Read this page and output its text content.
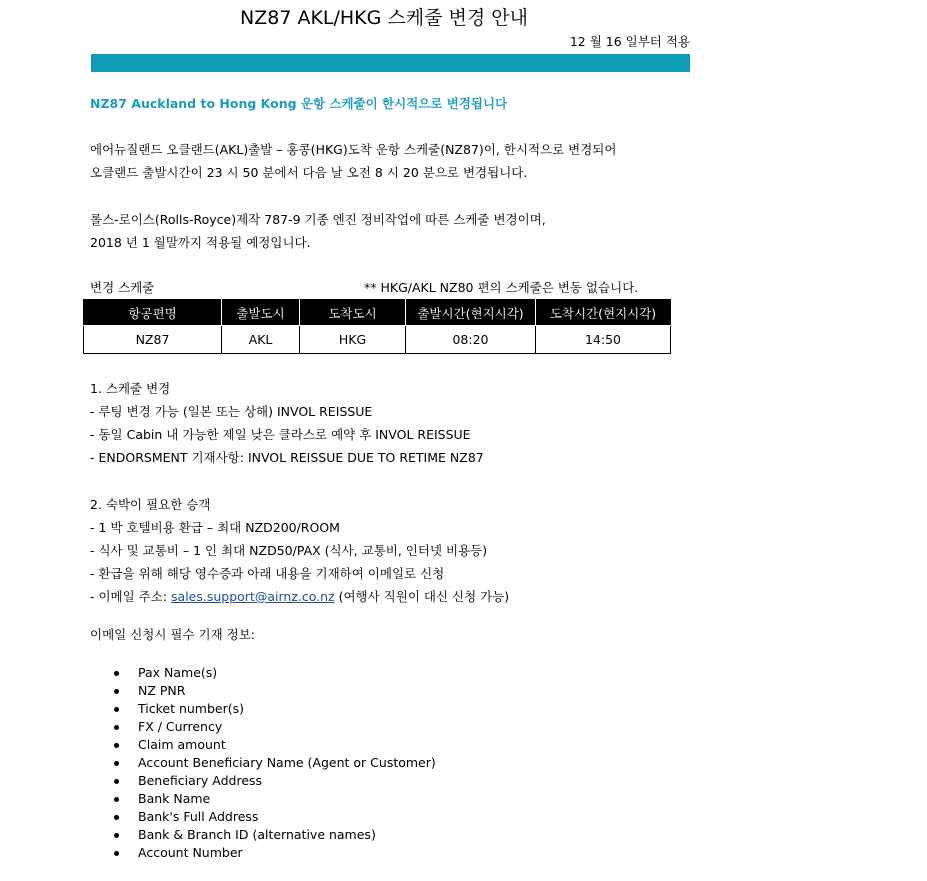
NZ87 AKL/HKG 스케줄 변경 안내
12 월 16 일부터 적용
NZ87 Auckland to Hong Kong 운항 스케줄이 한시적으로 변경됩니다

에어뉴질랜드 오클랜드(AKL)출발 – 홍콩(HKG)도착 운항 스케줄(NZ87)이, 한시적으로 변경되어

오클랜드 출발시간이 23 시 50 분에서 다음 날 오전 8 시 20 분으로 변경됩니다.

롤스-로이스(Rolls-Royce)제작 787-9 기종 엔진 정비작업에 따른 스케줄 변경이며,

2018 년 1 월말까지 적용될 예정입니다.

변경 스케줄	** HKG/AKL NZ80 편의 스케줄은 변동 없습니다.
항공편명	출발도시	도착도시	출발시간(현지시각)	도착시간(현지시각)
NZ87	AKL	HKG	08:20	14:50
1. 스케줄 변경
- 루팅 변경 가능 (일본 또는 상해) INVOL REISSUE
- 동일 Cabin 내 가능한 제일 낮은 클라스로 예약 후 INVOL REISSUE
- ENDORSMENT 기재사항: INVOL REISSUE DUE TO RETIME NZ87
2. 숙박이 필요한 승객
- 1 박 호텔비용 환급 – 최대 NZD200/ROOM
- 식사 및 교통비 – 1 인 최대 NZD50/PAX (식사, 교통비, 인터넷 비용등)
- 환급을 위해 해당 영수증과 아래 내용을 기재하여 이메일로 신청
- 이메일 주소: sales.support@airnz.co.nz (여행사 직원이 대신 신청 가능)
이메일 신청시 필수 기재 정보:
Pax Name(s)
NZ PNR
Ticket number(s)
FX / Currency
Claim amount
Account Beneficiary Name (Agent or Customer)
Beneficiary Address
Bank Name
Bank's Full Address
Bank & Branch ID (alternative names)
Account Number
